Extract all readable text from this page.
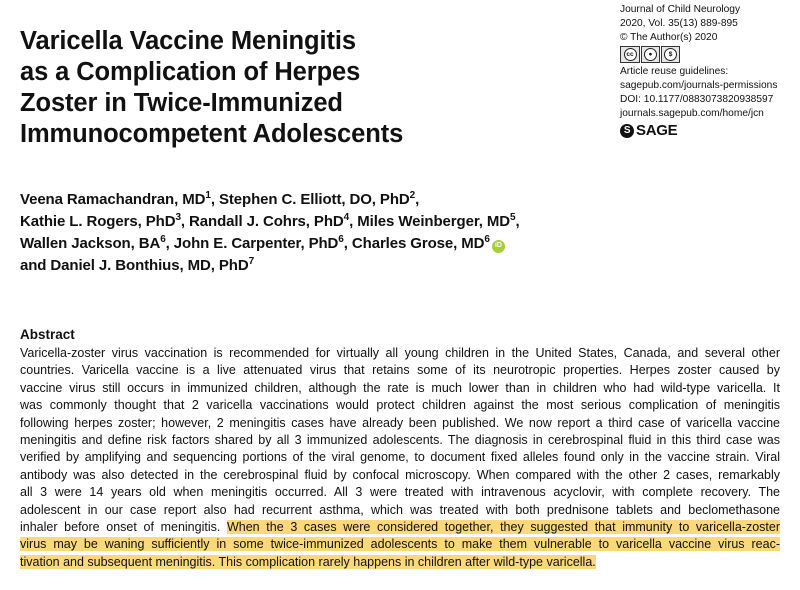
Varicella Vaccine Meningitis
as a Complication of Herpes
Zoster in Twice-Immunized
Immunocompetent Adolescents
Journal of Child Neurology
2020, Vol. 35(13) 889-895
© The Author(s) 2020
cc	●	$
Article reuse guidelines:
sagepub.com/journals-permissions
DOI: 10.1177/0883073820938597
journals.sagepub.com/home/jcn
S SAGE
Veena Ramachandran, $MD^1$, Stephen C. Elliott, DO, PhD$^2$,
Kathie L. Rogers, PhD$^3$, Randall J. Cohrs, PhD$^4$, Miles Weinberger, $MD^5$,
Wallen Jackson, $BA^6$, John E. Carpenter, PhD$^6$, Charles Grose, $MD^6iD$
and Daniel J. Bonthius, MD, PhD$^7$
Abstract
Varicella-zoster virus vaccination is recommended for virtually all young children in the United States, Canada, and several other
countries. Varicella vaccine is a live attenuated virus that retains some of its neurotropic properties. Herpes zoster caused by
vaccine virus still occurs in immunized children, although the rate is much lower than in children who had wild-type varicella. It
was commonly thought that 2 varicella vaccinations would protect children against the most serious complication of meningitis
following herpes zoster; however, 2 meningitis cases have already been published. We now report a third case of varicella vaccine
meningitis and define risk factors shared by all 3 immunized adolescents. The diagnosis in cerebrospinal fluid in this third case was
verified by amplifying and sequencing portions of the viral genome, to document fixed alleles found only in the vaccine strain. Viral
antibody was also detected in the cerebrospinal fluid by confocal microscopy. When compared with the other 2 cases, remarkably
all 3 were 14 years old when meningitis occurred. All 3 were treated with intravenous acyclovir, with complete recovery. The
adolescent in our case report also had recurrent asthma, which was treated with both prednisone tablets and beclomethasone
inhaler before onset of meningitis. When the 3 cases were considered together, they suggested that immunity to varicella-zoster
virus may be waning sufficiently in some twice-immunized adolescents to make them vulnerable to varicella vaccine virus reac-
tivation and subsequent meningitis. This complication rarely happens in children after wild-type varicella.
